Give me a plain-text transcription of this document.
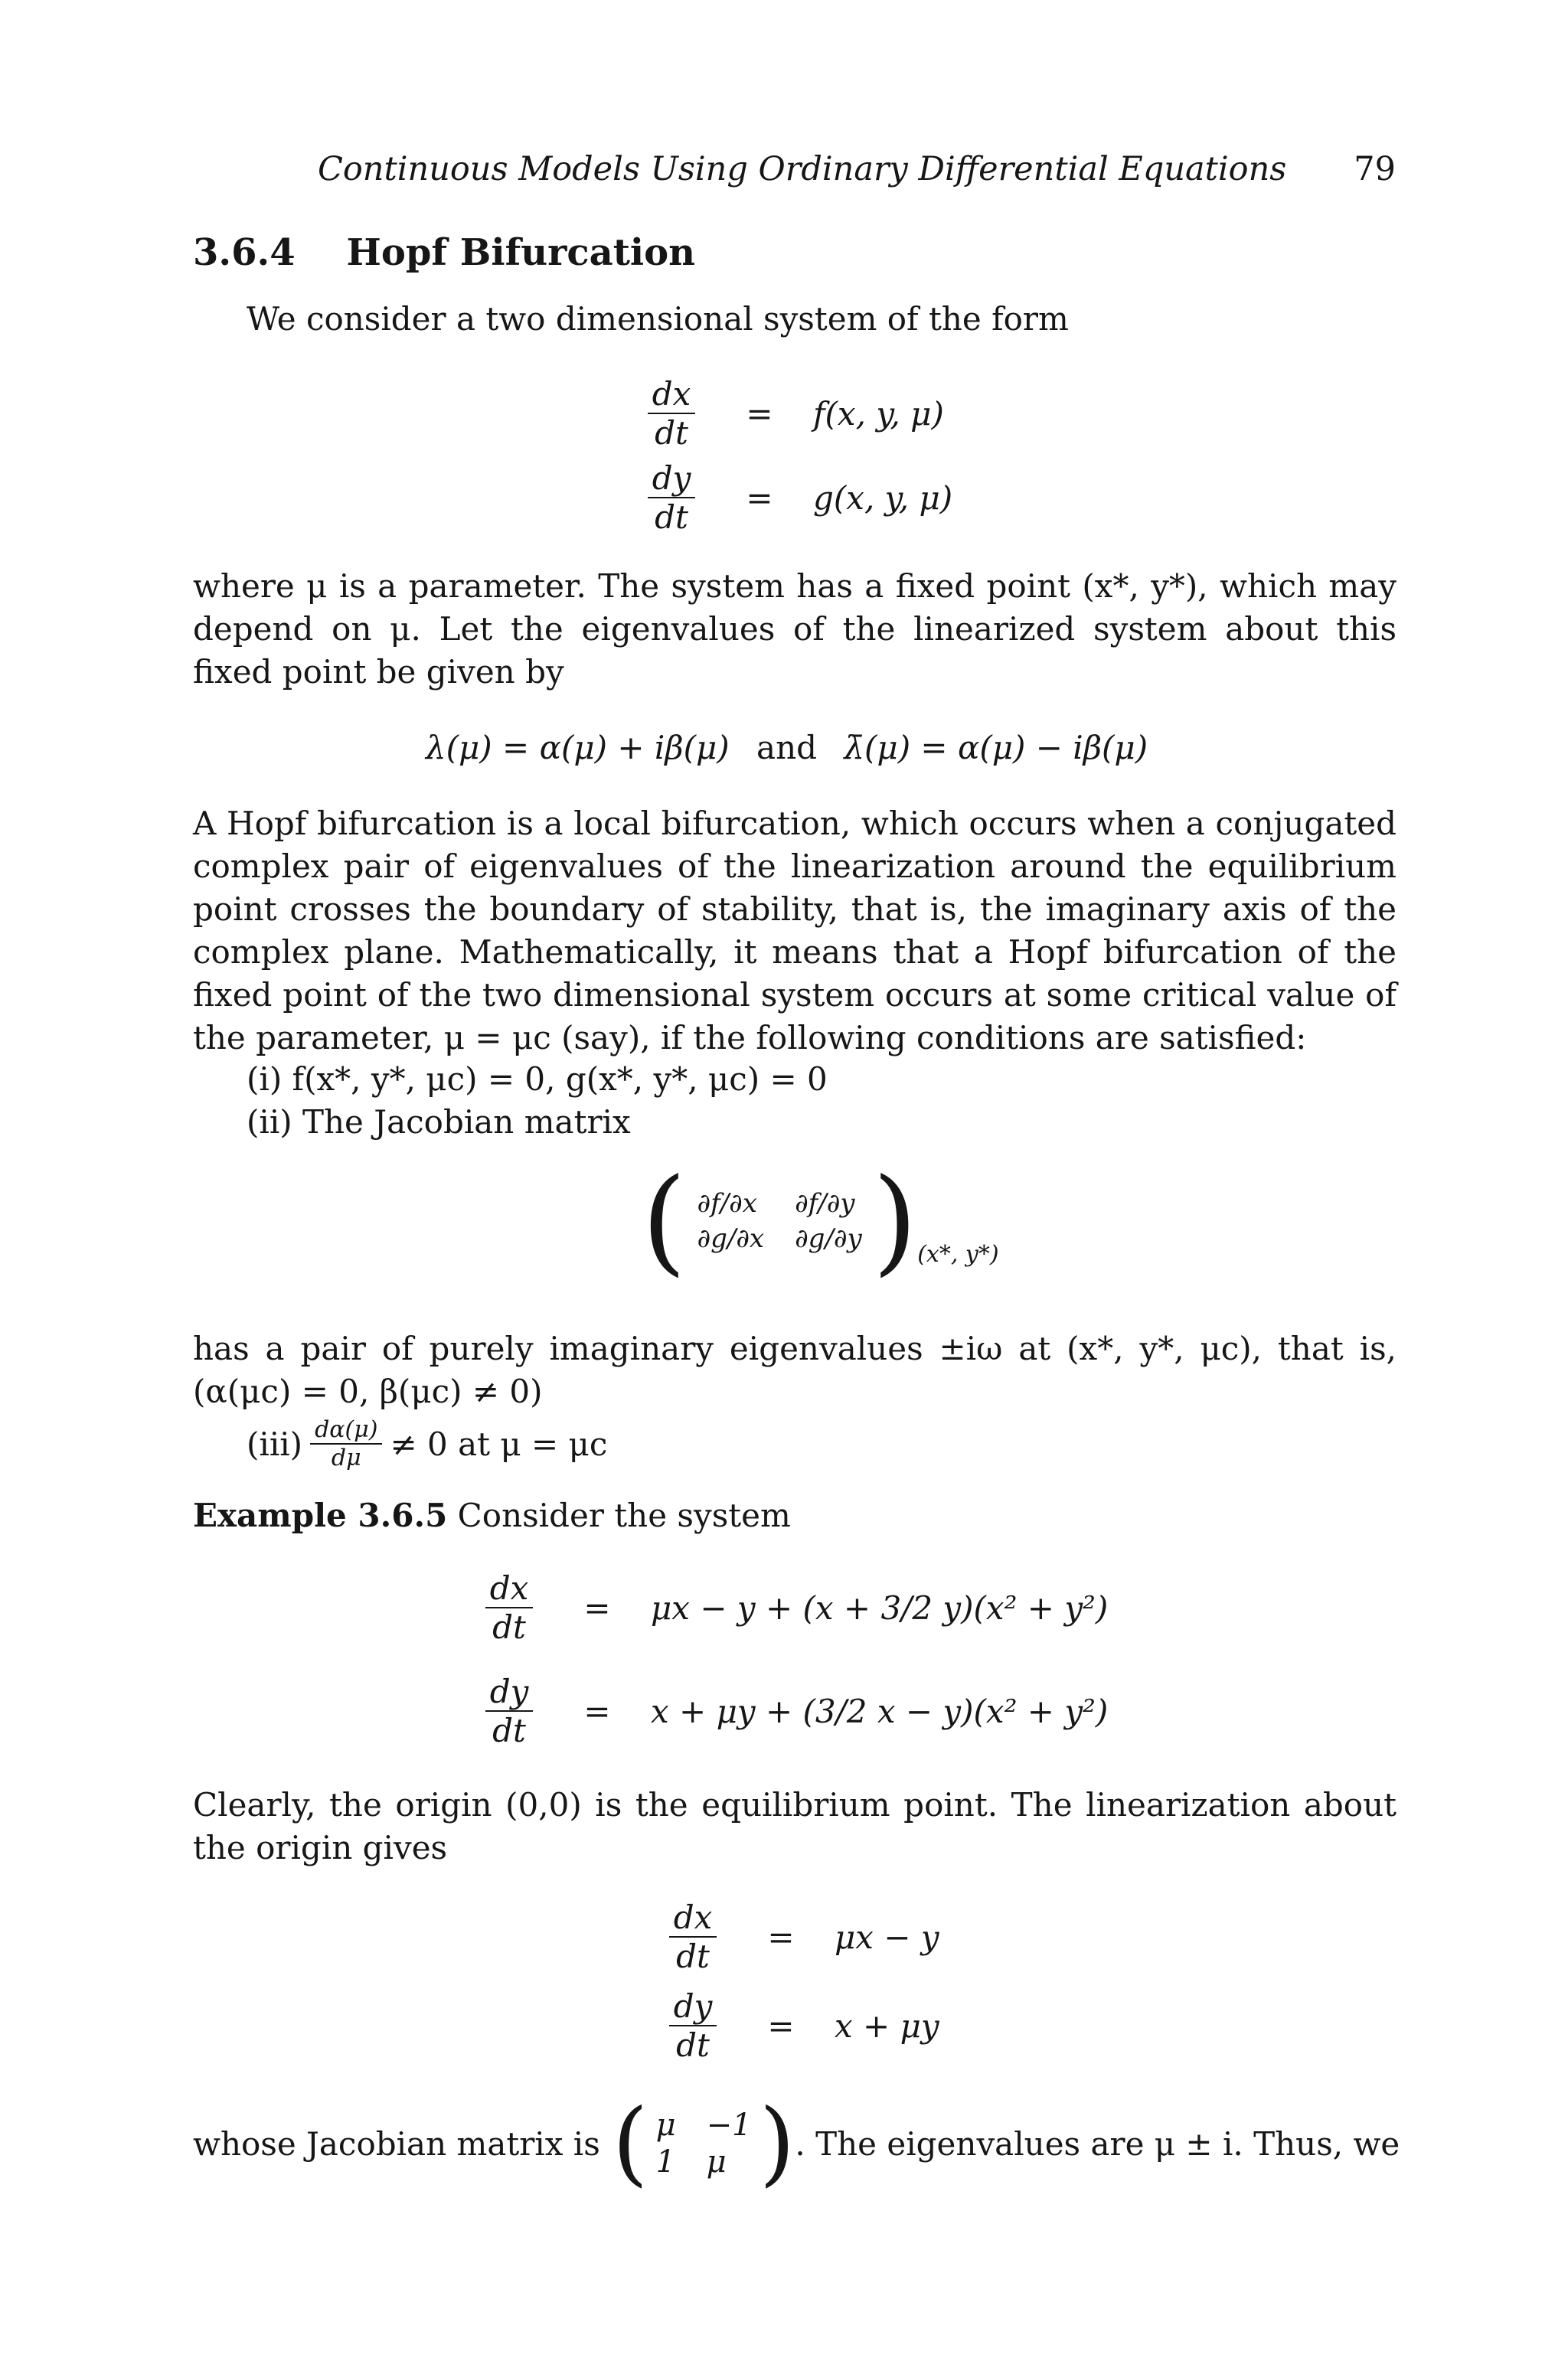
Continuous Models Using Ordinary Differential Equations 79
3.6.4 Hopf Bifurcation
We consider a two dimensional system of the form
$\frac{dx}{dt}$	=	f(x, y, μ)
$\frac{dy}{dt}$	=	g(x, y, μ)
where μ is a parameter. The system has a fixed point (x*, y*), which may depend on μ. Let the eigenvalues of the linearized system about this fixed point be given by
λ(μ) = α(μ) + iβ(μ) and λ̄(μ) = α(μ) − iβ(μ)
A Hopf bifurcation is a local bifurcation, which occurs when a conjugated complex pair of eigenvalues of the linearization around the equilibrium point crosses the boundary of stability, that is, the imaginary axis of the complex plane. Mathematically, it means that a Hopf bifurcation of the fixed point of the two dimensional system occurs at some critical value of the parameter, μ = μc (say), if the following conditions are satisfied:
(i) f(x*, y*, μc) = 0, g(x*, y*, μc) = 0
(ii) The Jacobian matrix
( ∂f/∂x ∂f/∂y
∂g/∂x ∂g/∂y ) (x*, y*)
has a pair of purely imaginary eigenvalues ±iω at (x*, y*, μc), that is, (α(μc) = 0, β(μc) ≠ 0)
$(iii) \frac{d\alpha(\mu)}{d\mu} \ne 0$ at μ = μc
Example 3.6.5 Consider the system
$\frac{dx}{dt}$	=	μx − y + (x + 3/2 y)(x² + y²)
$\frac{dy}{dt}$	=	x + μy + (3/2 x − y)(x² + y²)
Clearly, the origin (0,0) is the equilibrium point. The linearization about the origin gives
$\frac{dx}{dt}$	=	μx − y
$\frac{dy}{dt}$	=	x + μy
whose Jacobian matrix is ( μ −1
1 μ ) . The eigenvalues are μ ± i. Thus, we
